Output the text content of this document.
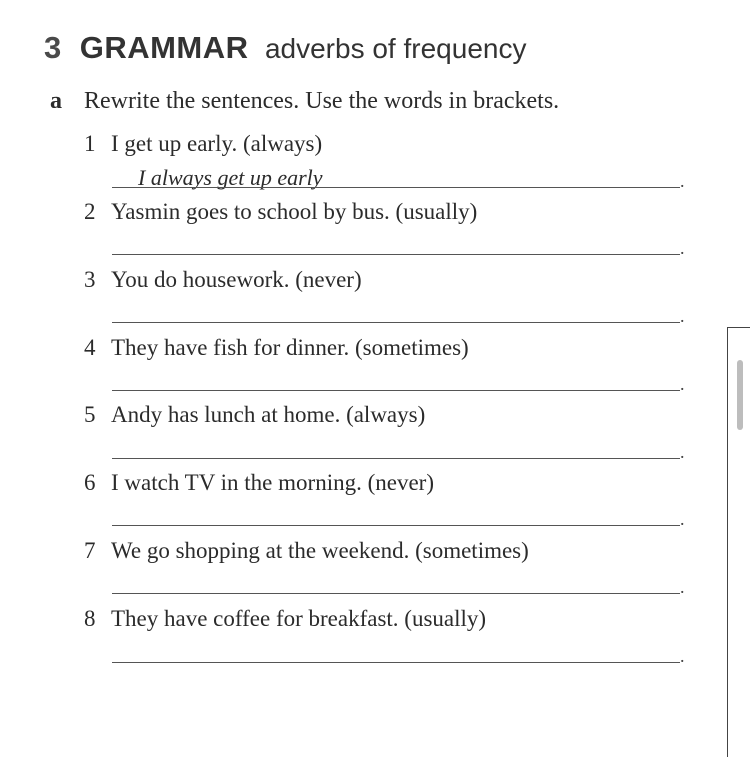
3 GRAMMAR adverbs of frequency
a Rewrite the sentences. Use the words in brackets.
1 I get up early. (always)
I always get up early	.
2 Yasmin goes to school by bus. (usually)
.
3 You do housework. (never)
.
4 They have fish for dinner. (sometimes)
.
5 Andy has lunch at home. (always)
.
6 I watch TV in the morning. (never)
.
7 We go shopping at the weekend. (sometimes)
.
8 They have coffee for breakfast. (usually)
.
